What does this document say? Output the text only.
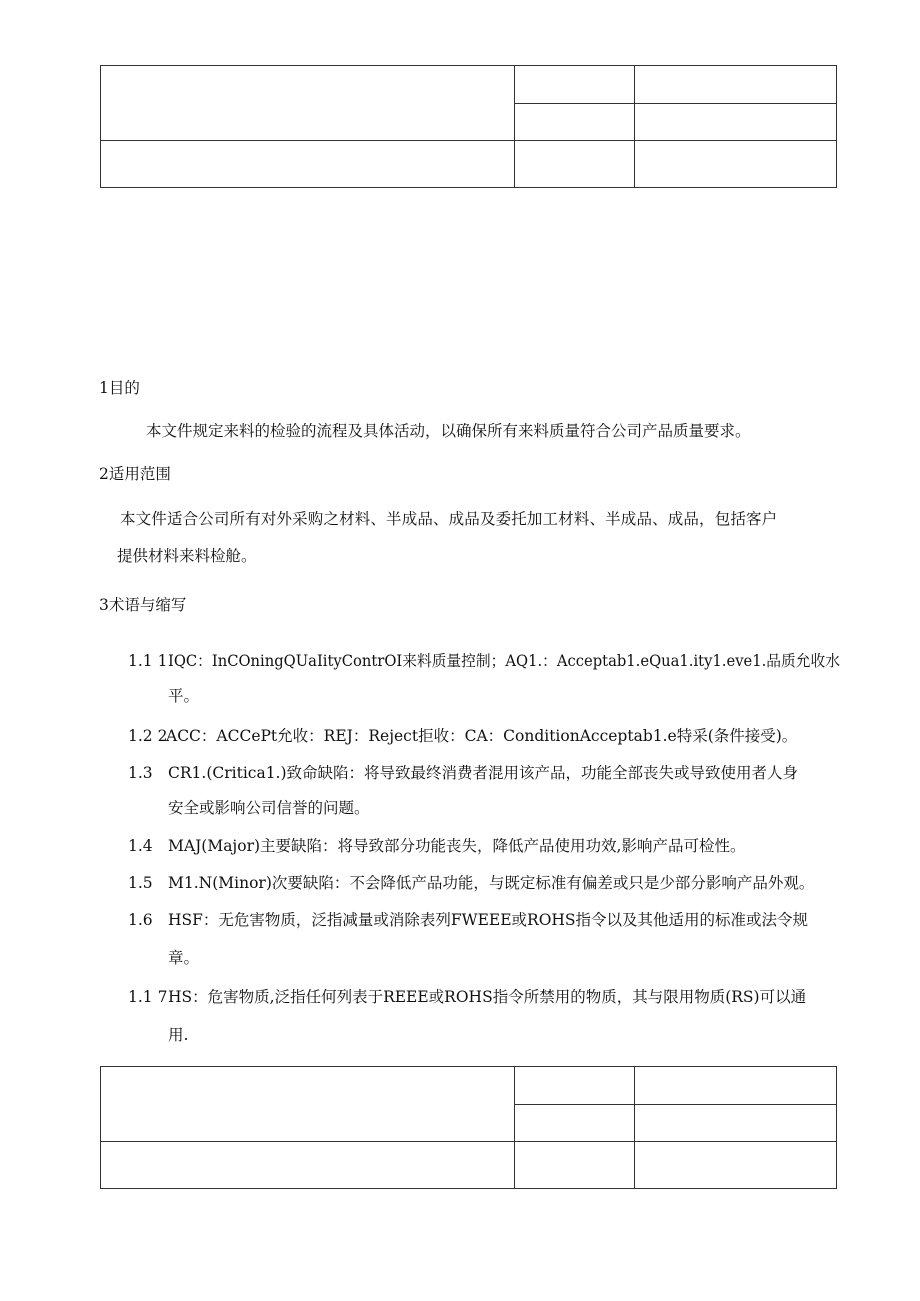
1目的
本文件规定来料的检验的流程及具体活动，以确保所有来料质量符合公司产品质量要求。
2适用范围
本文件适合公司所有对外采购之材料、半成品、成品及委托加工材料、半成品、成品，包括客户
提供材料来料检舱。
3术语与缩写
1.1 1 IQC：InCOningQUaIityContrOI来料质量控制；AQ1.：Acceptab1.eQua1.ity1.eve1.品质允收水
平。
1.2 2
ACC：ACCePt允收：REJ：Reject拒收：CA：ConditionAcceptab1.e特采(条件接受)。
1.3 CR1.(Critica1.)致命缺陷：将导致最终消费者混用该产品，功能全部丧失或导致使用者人身
安全或影响公司信誉的问题。
1.4 MAJ(Major)主要缺陷：将导致部分功能丧失，降低产品使用功效,影响产品可检性。
1.5 M1.N(Minor)次要缺陷：不会降低产品功能，与既定标准有偏差或只是少部分影响产品外观。
1.6 HSF：无危害物质，泛指减量或消除表列FWEEE或ROHS指令以及其他适用的标准或法令规
章。
1.1 7 HS：危害物质,泛指任何列表于REEE或ROHS指令所禁用的物质，其与限用物质(RS)可以通
用.
